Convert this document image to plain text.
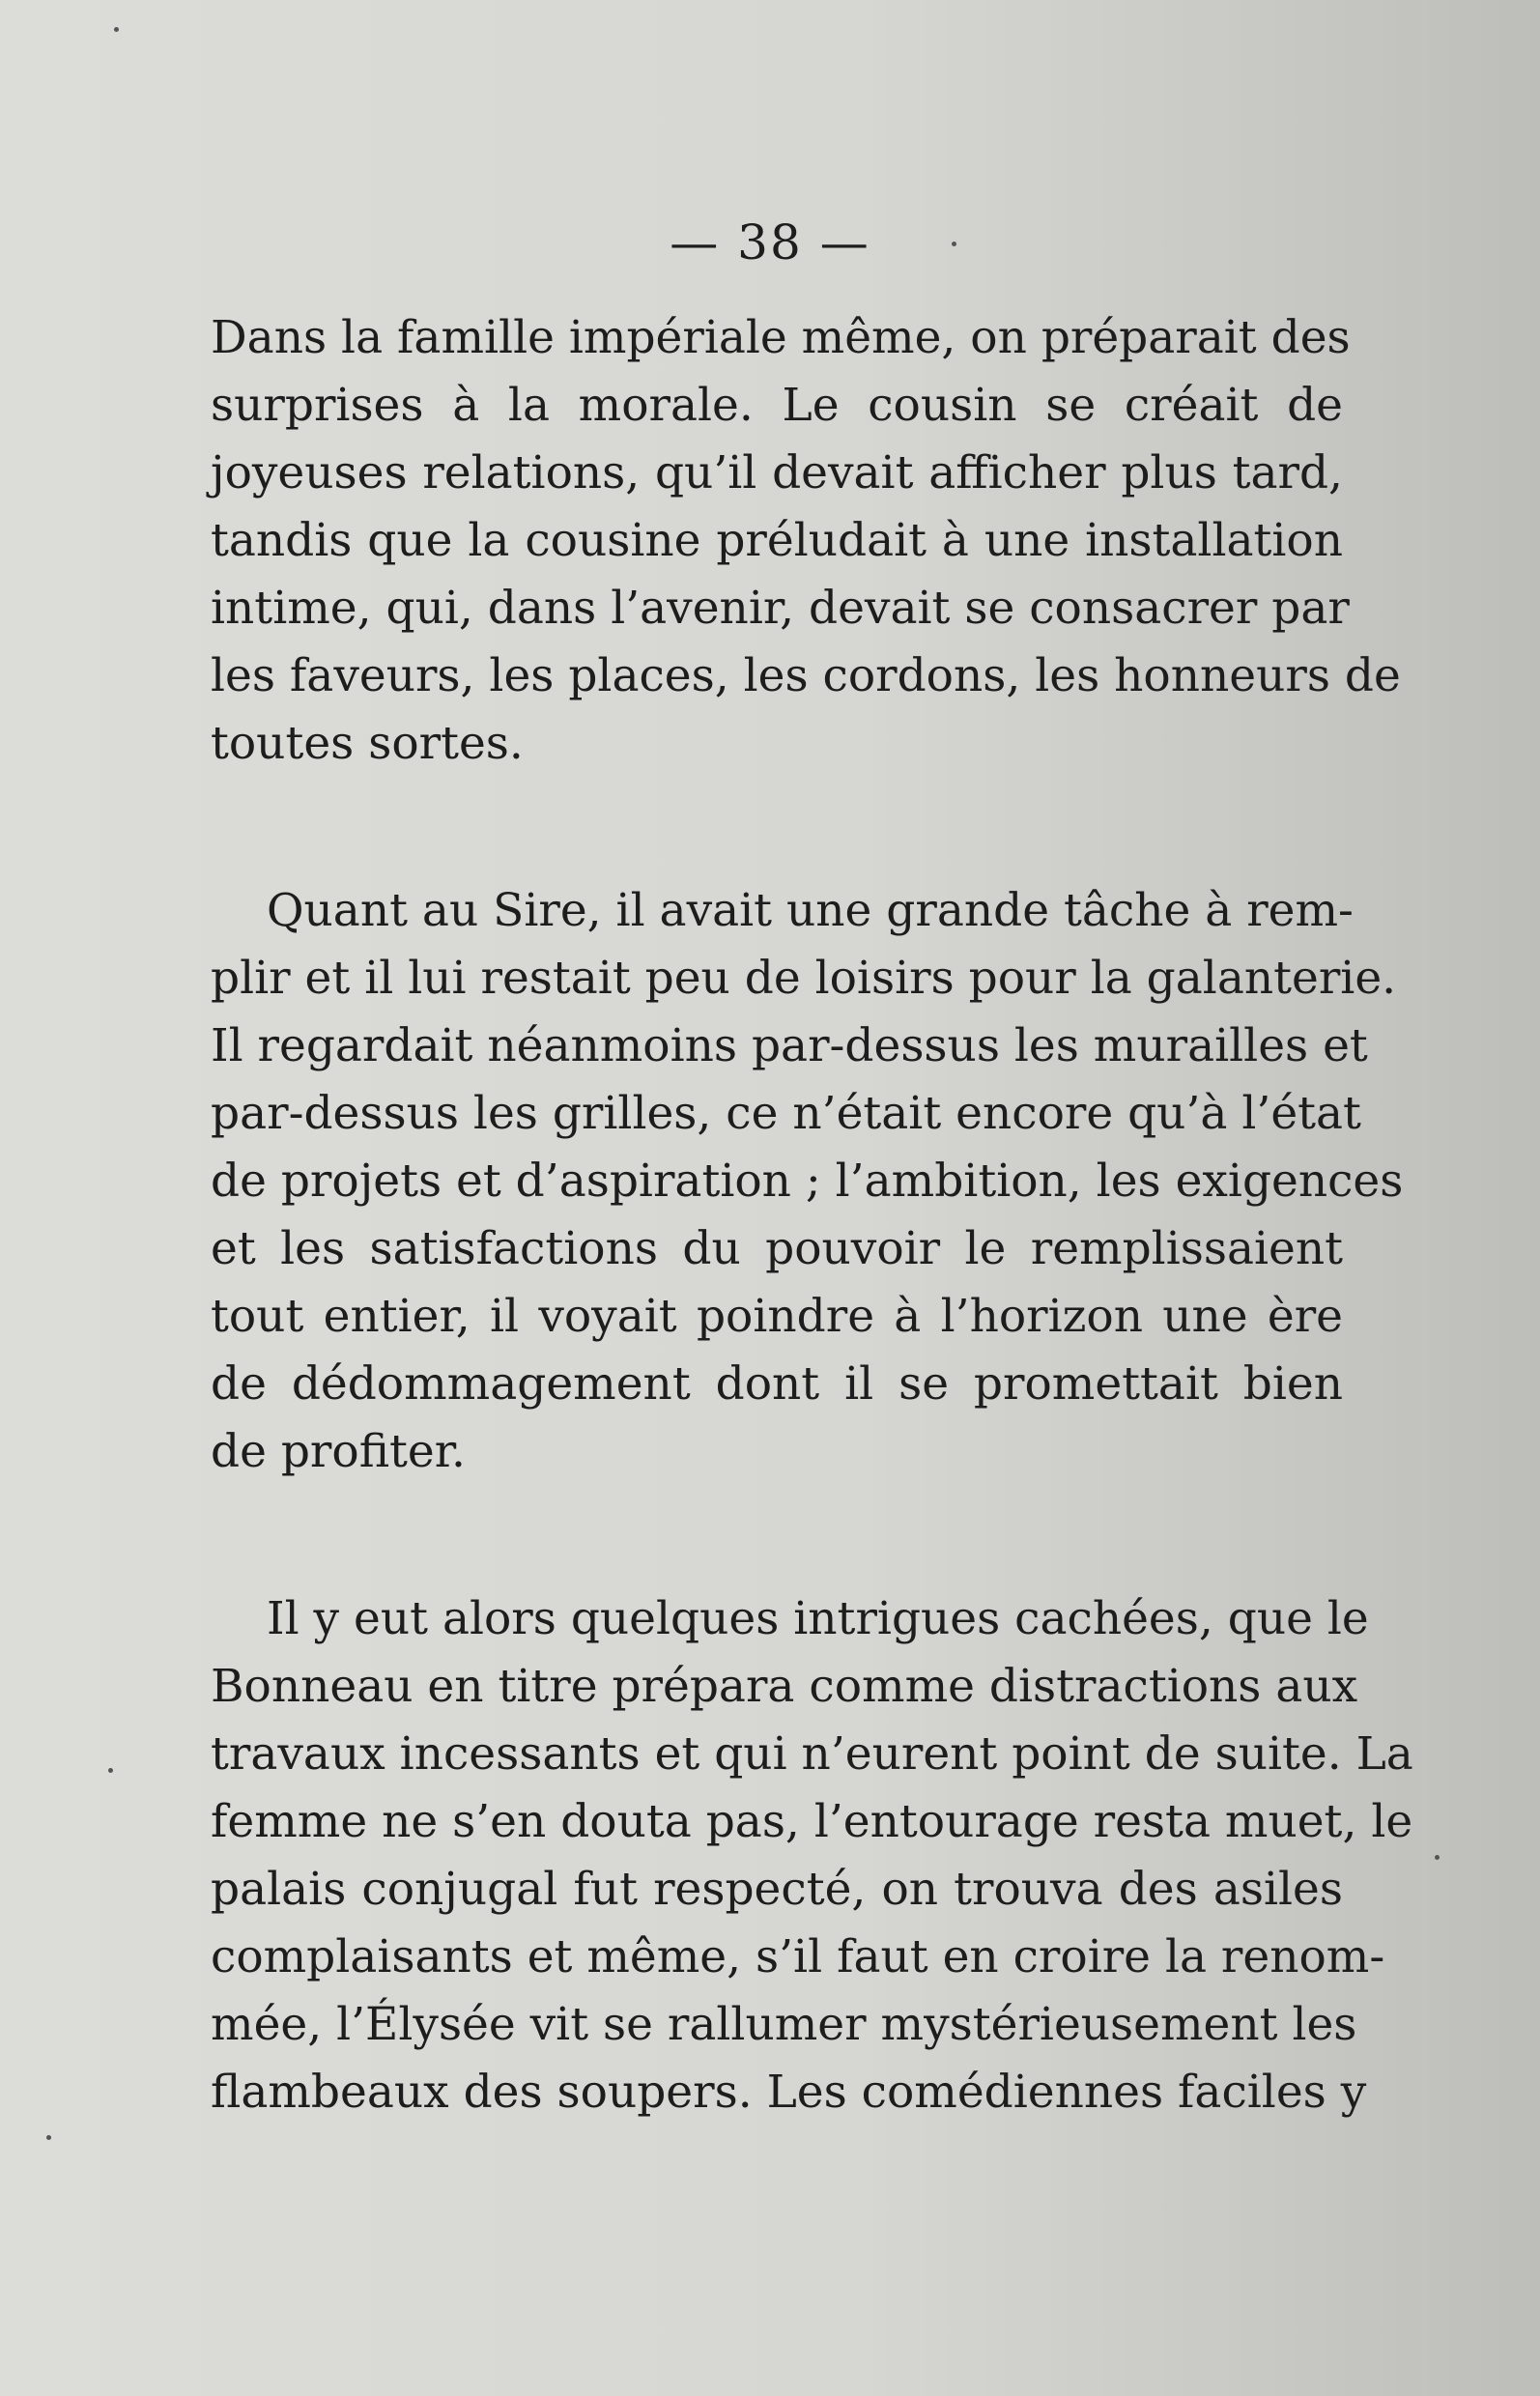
— 38 —

Dans la famille impériale même, on préparait des
surprises à la morale. Le cousin se créait de
joyeuses relations, qu’il devait afficher plus tard,
tandis que la cousine préludait à une installation
intime, qui, dans l’avenir, devait se consacrer par
les faveurs, les places, les cordons, les honneurs de
toutes sortes.

Quant au Sire, il avait une grande tâche à rem-
plir et il lui restait peu de loisirs pour la galanterie.
Il regardait néanmoins par-dessus les murailles et
par-dessus les grilles, ce n’était encore qu’à l’état
de projets et d’aspiration ; l’ambition, les exigences
et les satisfactions du pouvoir le remplissaient
tout entier, il voyait poindre à l’horizon une ère
de dédommagement dont il se promettait bien
de profiter.

Il y eut alors quelques intrigues cachées, que le
Bonneau en titre prépara comme distractions aux
travaux incessants et qui n’eurent point de suite. La
femme ne s’en douta pas, l’entourage resta muet, le
palais conjugal fut respecté, on trouva des asiles
complaisants et même, s’il faut en croire la renom-
mée, l’Élysée vit se rallumer mystérieusement les
flambeaux des soupers. Les comédiennes faciles y
